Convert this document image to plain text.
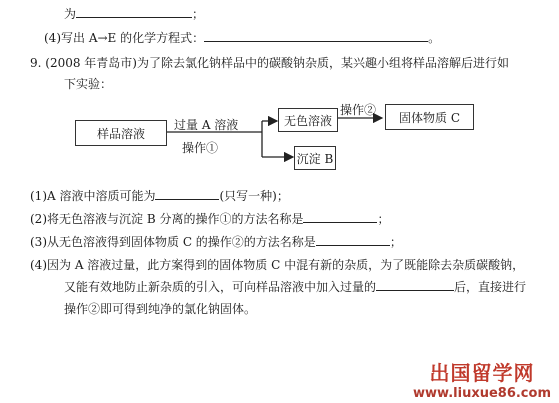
为	；
(4)写出 A→E 的化学方程式：	。
9. (2008 年青岛市)为了除去氯化钠样品中的碳酸钠杂质，某兴趣小组将样品溶解后进行如
下实验：
样品溶液
无色溶液	固体物质 C
沉淀 B
过量 A 溶液
操作①
操作②
(1)A 溶液中溶质可能为	(只写一种)；
(2)将无色溶液与沉淀 B 分离的操作①的方法名称是	；
(3)从无色溶液得到固体物质 C 的操作②的方法名称是	；
(4)因为 A 溶液过量，此方案得到的固体物质 C 中混有新的杂质，为了既能除去杂质碳酸钠，
又能有效地防止新杂质的引入，可向样品溶液中加入过量的	后，直接进行
操作②即可得到纯净的氯化钠固体。
出国留学网
www.liuxue86.com
